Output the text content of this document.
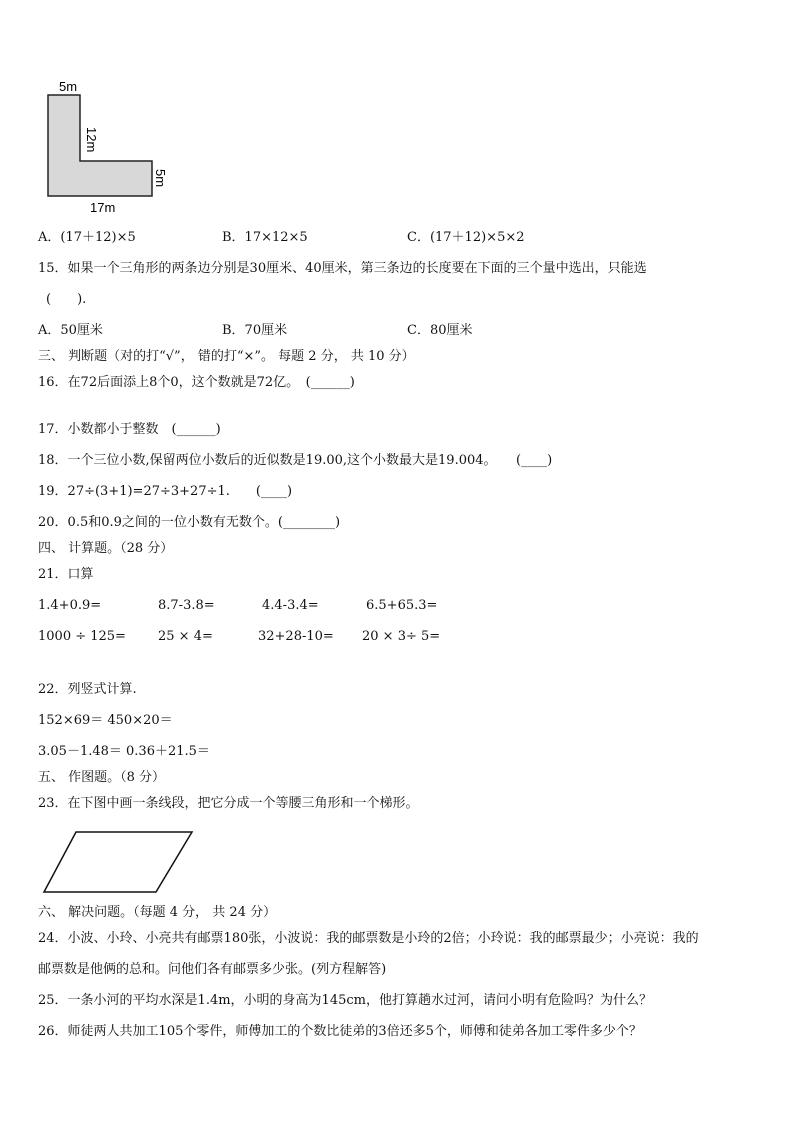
5m
12m
5m
17m
A．(17＋12)×5	B．17×12×5	C．(17＋12)×5×2
15．如果一个三角形的两条边分别是30厘米、40厘米，第三条边的长度要在下面的三个量中选出，只能选
(　　).
A．50厘米	B．70厘米	C．80厘米
三、 判断题（对的打“√”， 错的打“×”。 每题 2 分， 共 10 分）
16．在72后面添上8个0，这个数就是72亿。　(______)
17．小数都小于整数　(______)
18．一个三位小数,保留两位小数后的近似数是19.00,这个小数最大是19.004。　　(____)
19．27÷(3+1)=27÷3+27÷1.　　(____)
20．0.5和0.9之间的一位小数有无数个。(________)
四、 计算题。（28 分）
21．口算
1.4+0.9=	8.7-3.8=	4.4-3.4=	6.5+65.3=
1000 ÷ 125= 25 × 4=	32+28-10= 20 × 3÷ 5=
22．列竖式计算.
152×69＝ 450×20＝
3.05－1.48＝ 0.36＋21.5＝
五、 作图题。（8 分）
23．在下图中画一条线段，把它分成一个等腰三角形和一个梯形。
六、 解决问题。（每题 4 分， 共 24 分）
24．小波、小玲、小亮共有邮票180张，小波说：我的邮票数是小玲的2倍；小玲说：我的邮票最少；小亮说：我的
邮票数是他俩的总和。问他们各有邮票多少张。(列方程解答)
25．一条小河的平均水深是1.4m，小明的身高为145cm，他打算趟水过河，请问小明有危险吗？为什么？
26．师徒两人共加工105个零件，师傅加工的个数比徒弟的3倍还多5个，师傅和徒弟各加工零件多少个？
